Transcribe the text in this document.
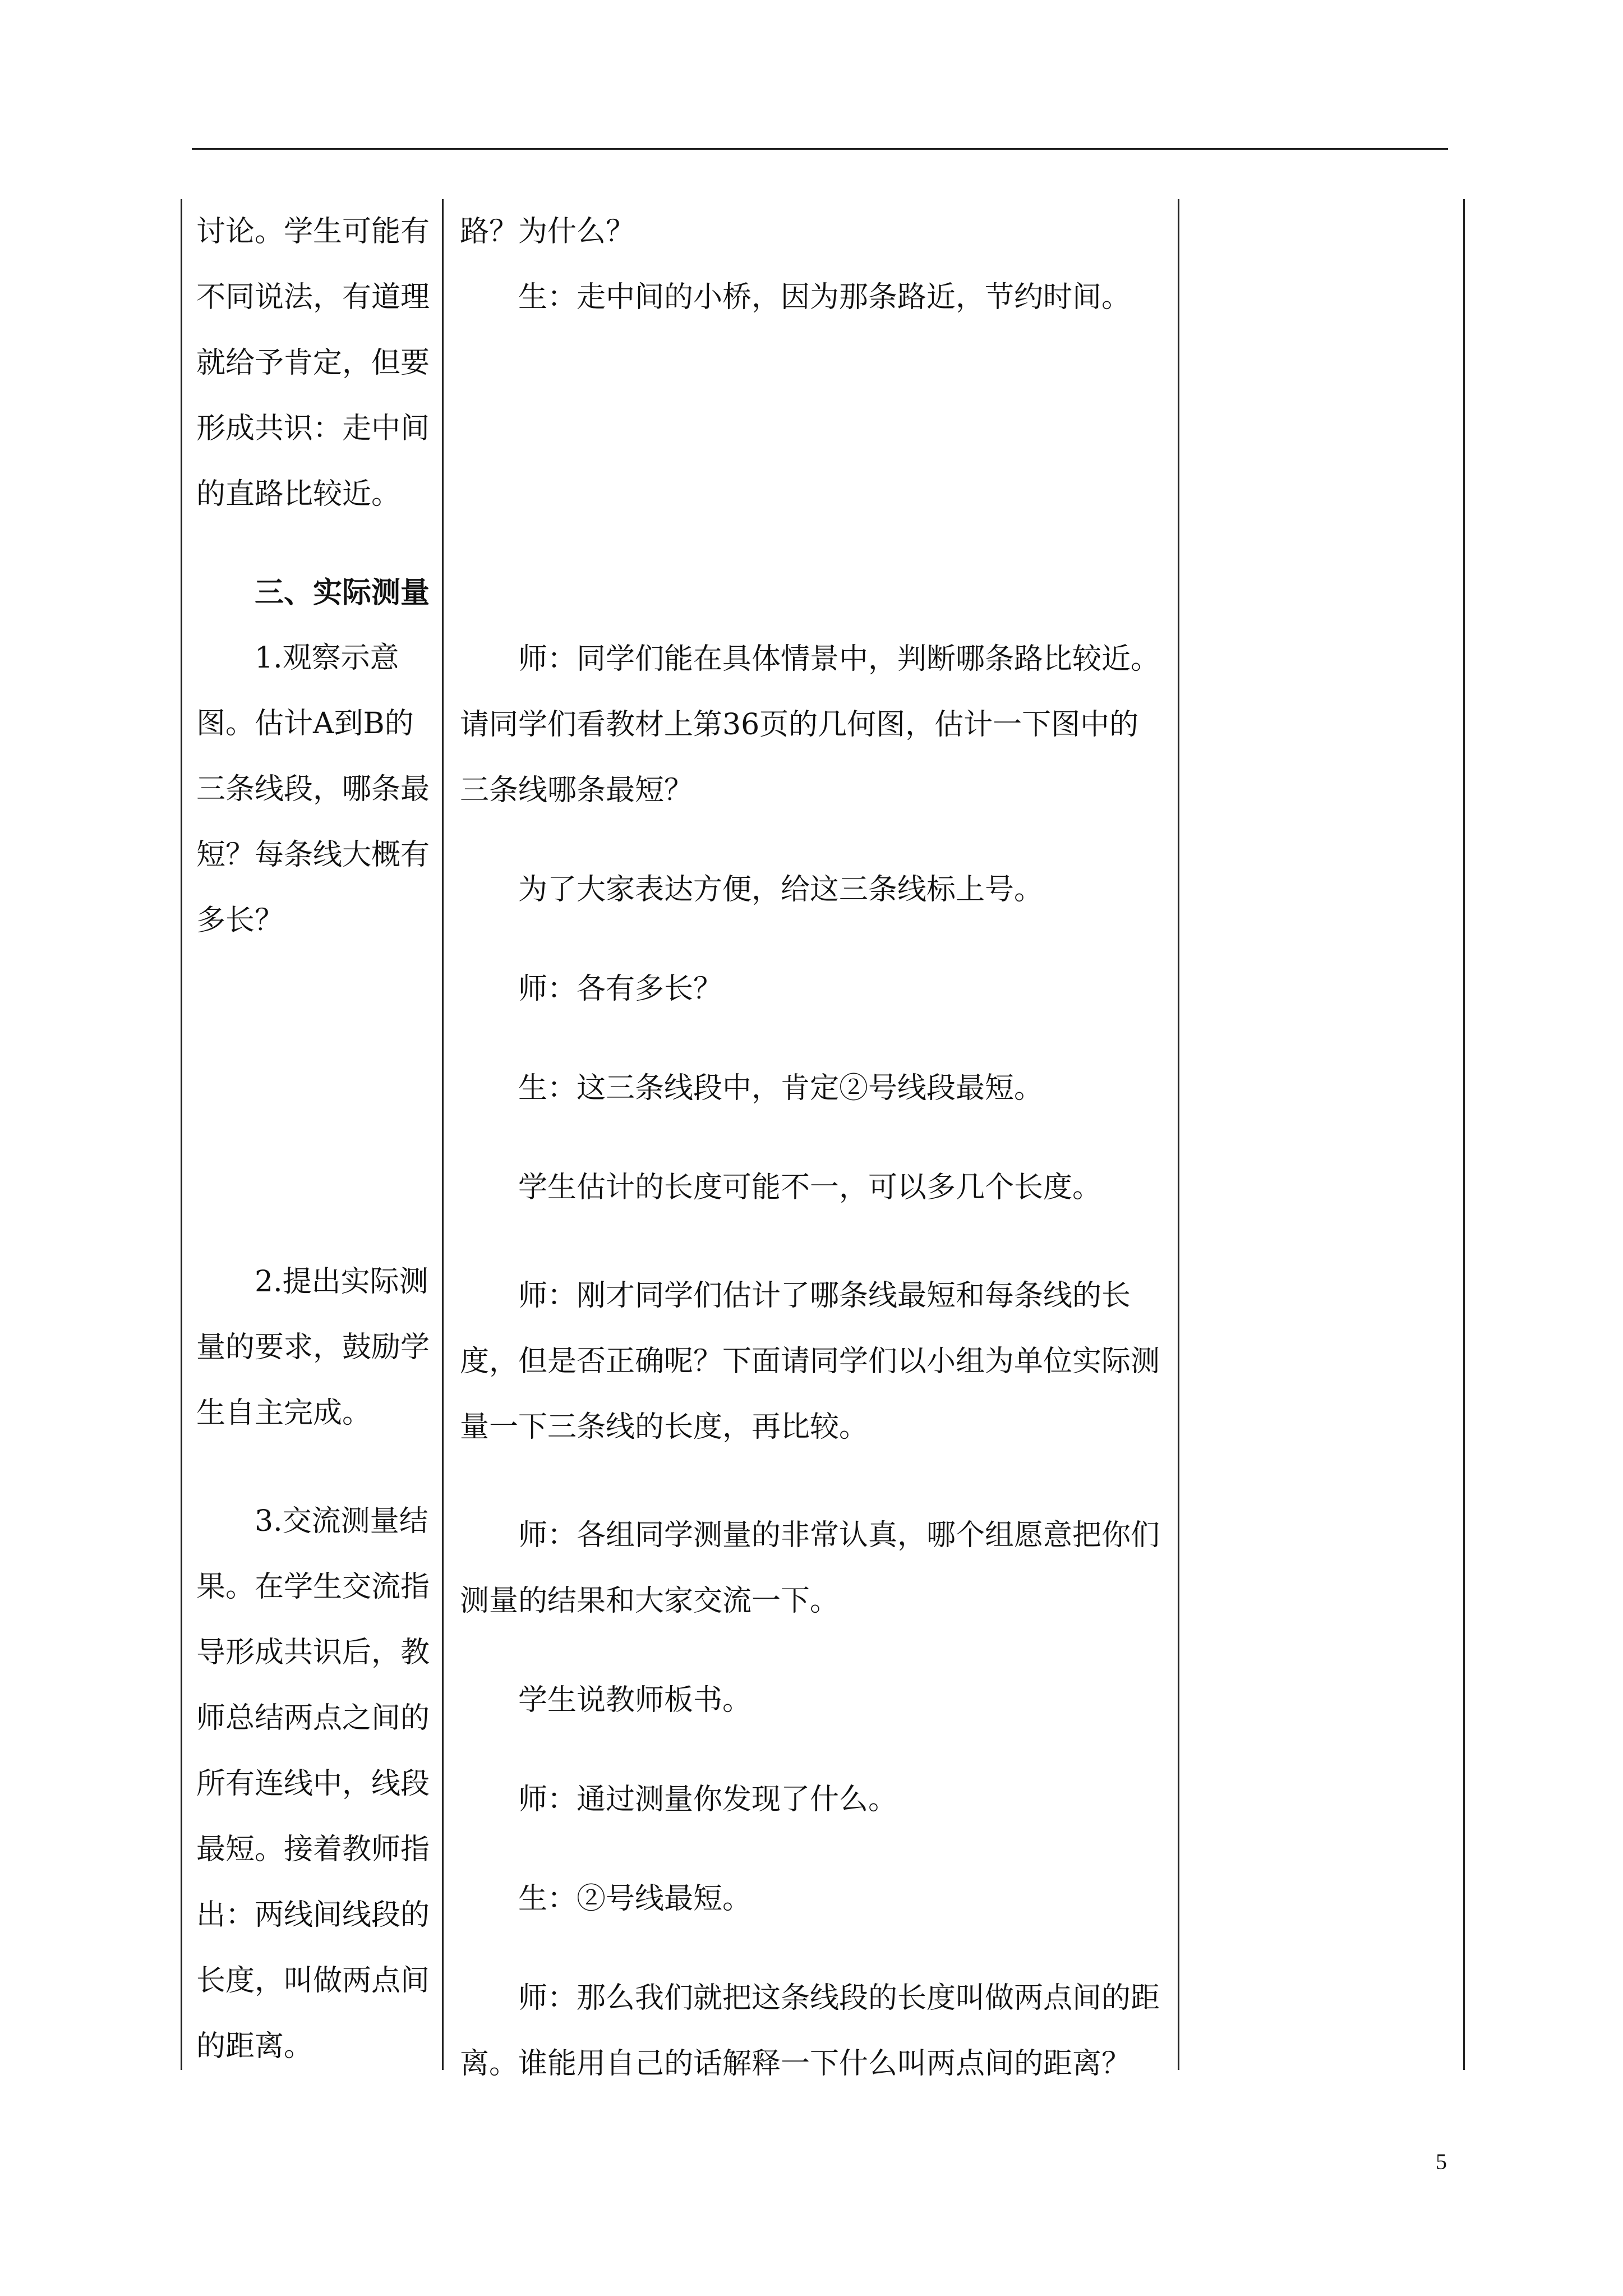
讨论。学生可能有不同说法，有道理就给予肯定，但要形成共识：走中间的直路比较近。

三、实际测量

1.观察示意图。估计A到B的三条线段，哪条最短？每条线大概有多长？

2.提出实际测量的要求，鼓励学生自主完成。

3.交流测量结果。在学生交流指导形成共识后，教师总结两点之间的所有连线中，线段最短。接着教师指出：两线间线段的长度，叫做两点间的距离。

路？为什么？

生：走中间的小桥，因为那条路近，节约时间。

师：同学们能在具体情景中，判断哪条路比较近。请同学们看教材上第36页的几何图，估计一下图中的三条线哪条最短？

为了大家表达方便，给这三条线标上号。

师：各有多长？

生：这三条线段中，肯定②号线段最短。

学生估计的长度可能不一，可以多几个长度。

师：刚才同学们估计了哪条线最短和每条线的长度，但是否正确呢？下面请同学们以小组为单位实际测量一下三条线的长度，再比较。

师：各组同学测量的非常认真，哪个组愿意把你们测量的结果和大家交流一下。

学生说教师板书。

师：通过测量你发现了什么。

生：②号线最短。

师：那么我们就把这条线段的长度叫做两点间的距离。谁能用自己的话解释一下什么叫两点间的距离？

5
